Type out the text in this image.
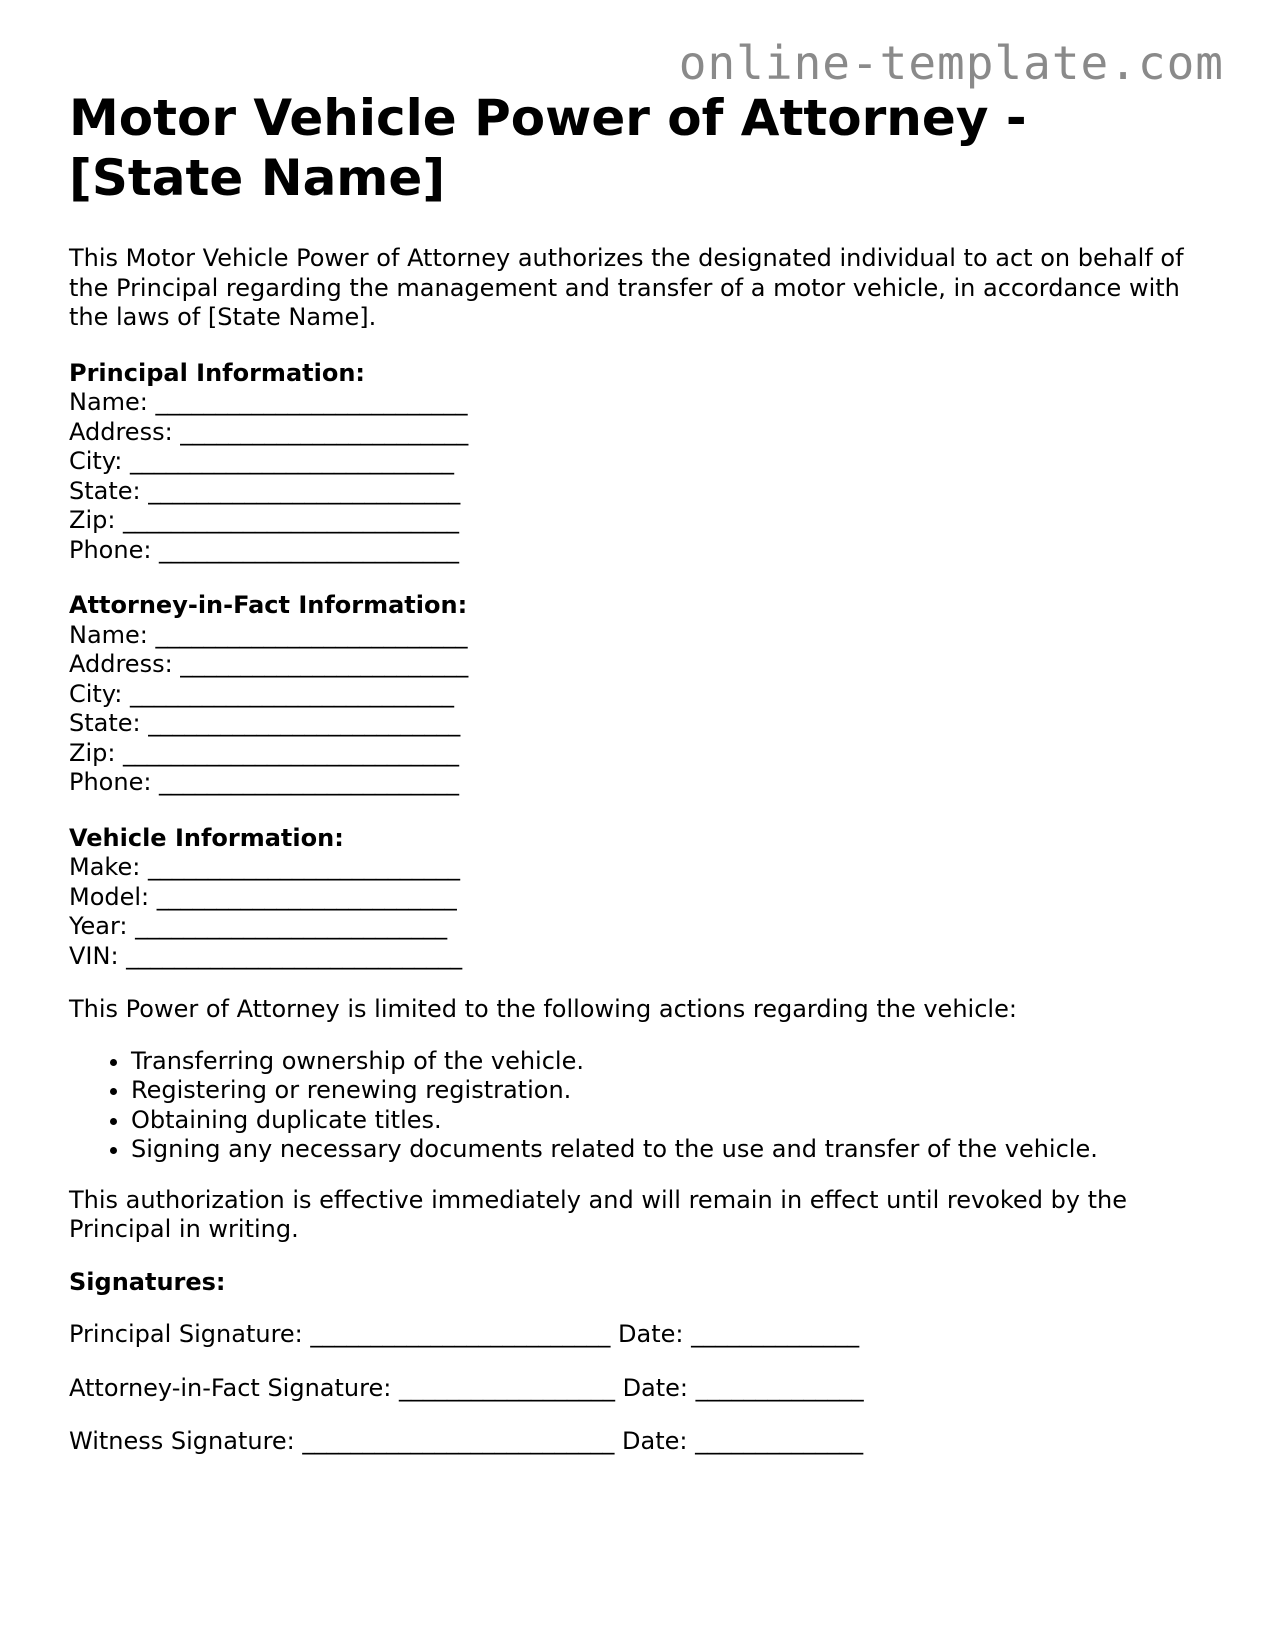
online-template.com
Motor Vehicle Power of Attorney -
[State Name]

This Motor Vehicle Power of Attorney authorizes the designated individual to act on behalf of the Principal regarding the management and transfer of a motor vehicle, in accordance with the laws of [State Name].

Principal Information:

Name: __________________________

Address: ________________________

City: ___________________________

State: __________________________

Zip: ____________________________

Phone: _________________________

Attorney-in-Fact Information:

Name: __________________________

Address: ________________________

City: ___________________________

State: __________________________

Zip: ____________________________

Phone: _________________________

Vehicle Information:

Make: __________________________

Model: _________________________

Year: __________________________

VIN: ____________________________

This Power of Attorney is limited to the following actions regarding the vehicle:

• Transferring ownership of the vehicle.
• Registering or renewing registration.
• Obtaining duplicate titles.
• Signing any necessary documents related to the use and transfer of the vehicle.

This authorization is effective immediately and will remain in effect until revoked by the Principal in writing.

Signatures:

Principal Signature: _________________________ Date: ______________

Attorney-in-Fact Signature: __________________ Date: ______________

Witness Signature: __________________________ Date: ______________
